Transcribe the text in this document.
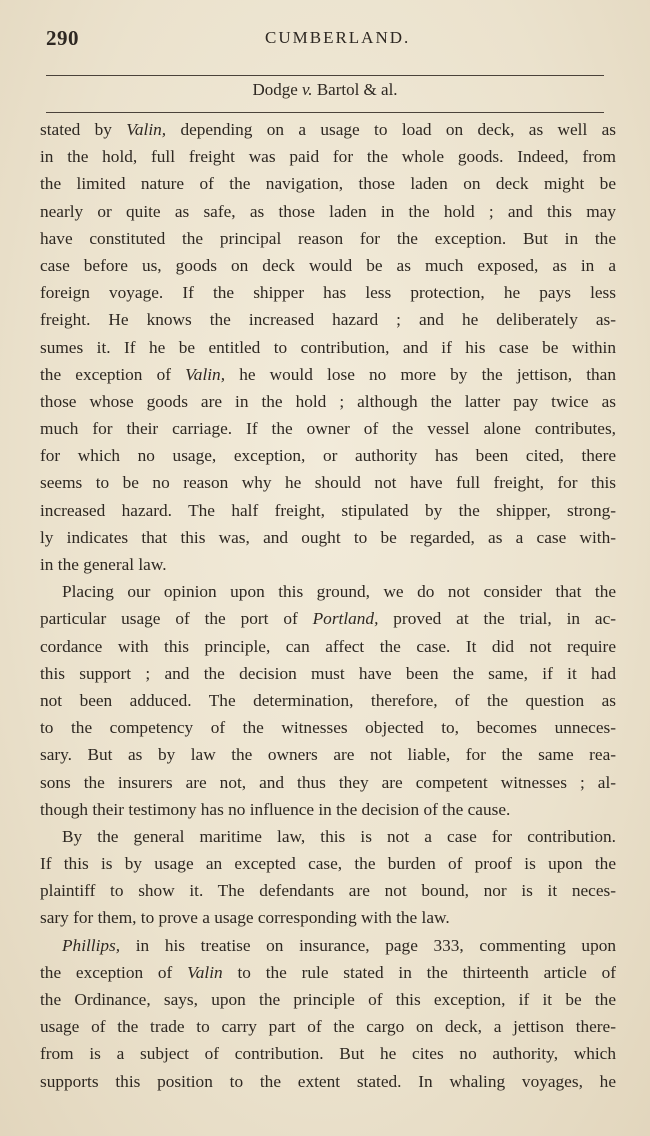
290	CUMBERLAND.
Dodge v. Bartol & al.
stated by Valin, depending on a usage to load on deck, as well as
in the hold, full freight was paid for the whole goods. Indeed, from
the limited nature of the navigation, those laden on deck might be
nearly or quite as safe, as those laden in the hold ; and this may
have constituted the principal reason for the exception. But in the
case before us, goods on deck would be as much exposed, as in a
foreign voyage. If the shipper has less protection, he pays less
freight. He knows the increased hazard ; and he deliberately as-
sumes it. If he be entitled to contribution, and if his case be within
the exception of Valin, he would lose no more by the jettison, than
those whose goods are in the hold ; although the latter pay twice as
much for their carriage. If the owner of the vessel alone contributes,
for which no usage, exception, or authority has been cited, there
seems to be no reason why he should not have full freight, for this
increased hazard. The half freight, stipulated by the shipper, strong-
ly indicates that this was, and ought to be regarded, as a case with-
in the general law.
Placing our opinion upon this ground, we do not consider that the
particular usage of the port of Portland, proved at the trial, in ac-
cordance with this principle, can affect the case. It did not require
this support ; and the decision must have been the same, if it had
not been adduced. The determination, therefore, of the question as
to the competency of the witnesses objected to, becomes unneces-
sary. But as by law the owners are not liable, for the same rea-
sons the insurers are not, and thus they are competent witnesses ; al-
though their testimony has no influence in the decision of the cause.
By the general maritime law, this is not a case for contribution.
If this is by usage an excepted case, the burden of proof is upon the
plaintiff to show it. The defendants are not bound, nor is it neces-
sary for them, to prove a usage corresponding with the law.
Phillips, in his treatise on insurance, page 333, commenting upon
the exception of Valin to the rule stated in the thirteenth article of
the Ordinance, says, upon the principle of this exception, if it be the
usage of the trade to carry part of the cargo on deck, a jettison there-
from is a subject of contribution. But he cites no authority, which
supports this position to the extent stated. In whaling voyages, he
